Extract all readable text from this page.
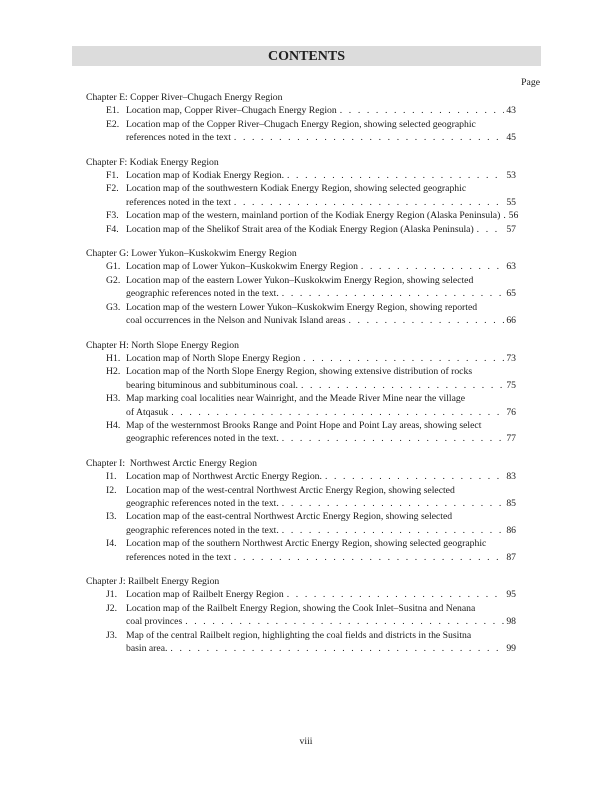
CONTENTS
Page
Chapter E: Copper River–Chugach Energy Region
E1. Location map, Copper River–Chugach Energy Region . . .	43
E2. Location map of the Copper River–Chugach Energy Region, showing selected geographic
references noted in the text . . .	45
Chapter F: Kodiak Energy Region
F1. Location map of Kodiak Energy Region. . . .	53
F2. Location map of the southwestern Kodiak Energy Region, showing selected geographic
references noted in the text . . .	55
F3. Location map of the western, mainland portion of the Kodiak Energy Region (Alaska Peninsula) . . . 56
F4. Location map of the Shelikof Strait area of the Kodiak Energy Region (Alaska Peninsula) . . .	57
Chapter G: Lower Yukon–Kuskokwim Energy Region
G1. Location map of Lower Yukon–Kuskokwim Energy Region . . .	63
G2. Location map of the eastern Lower Yukon–Kuskokwim Energy Region, showing selected
geographic references noted in the text. . . .	65
G3. Location map of the western Lower Yukon–Kuskokwim Energy Region, showing reported
coal occurrences in the Nelson and Nunivak Island areas . . .	66
Chapter H: North Slope Energy Region
H1. Location map of North Slope Energy Region . . .	73
H2. Location map of the North Slope Energy Region, showing extensive distribution of rocks
bearing bituminous and subbituminous coal. . . .	75
H3. Map marking coal localities near Wainright, and the Meade River Mine near the village
of Atqasuk . . .	76
H4. Map of the westernmost Brooks Range and Point Hope and Point Lay areas, showing select
geographic references noted in the text. . . .	77
Chapter I:  Northwest Arctic Energy Region
I1. Location map of Northwest Arctic Energy Region. . . .	83
I2. Location map of the west-central Northwest Arctic Energy Region, showing selected
geographic references noted in the text. . . .	85
I3. Location map of the east-central Northwest Arctic Energy Region, showing selected
geographic references noted in the text. . . .	86
I4. Location map of the southern Northwest Arctic Energy Region, showing selected geographic
references noted in the text . . .	87
Chapter J: Railbelt Energy Region
J1. Location map of Railbelt Energy Region . . .	95
J2. Location map of the Railbelt Energy Region, showing the Cook Inlet–Susitna and Nenana
coal provinces . . .	98
J3. Map of the central Railbelt region, highlighting the coal fields and districts in the Susitna
basin area. . . .	99
viii
